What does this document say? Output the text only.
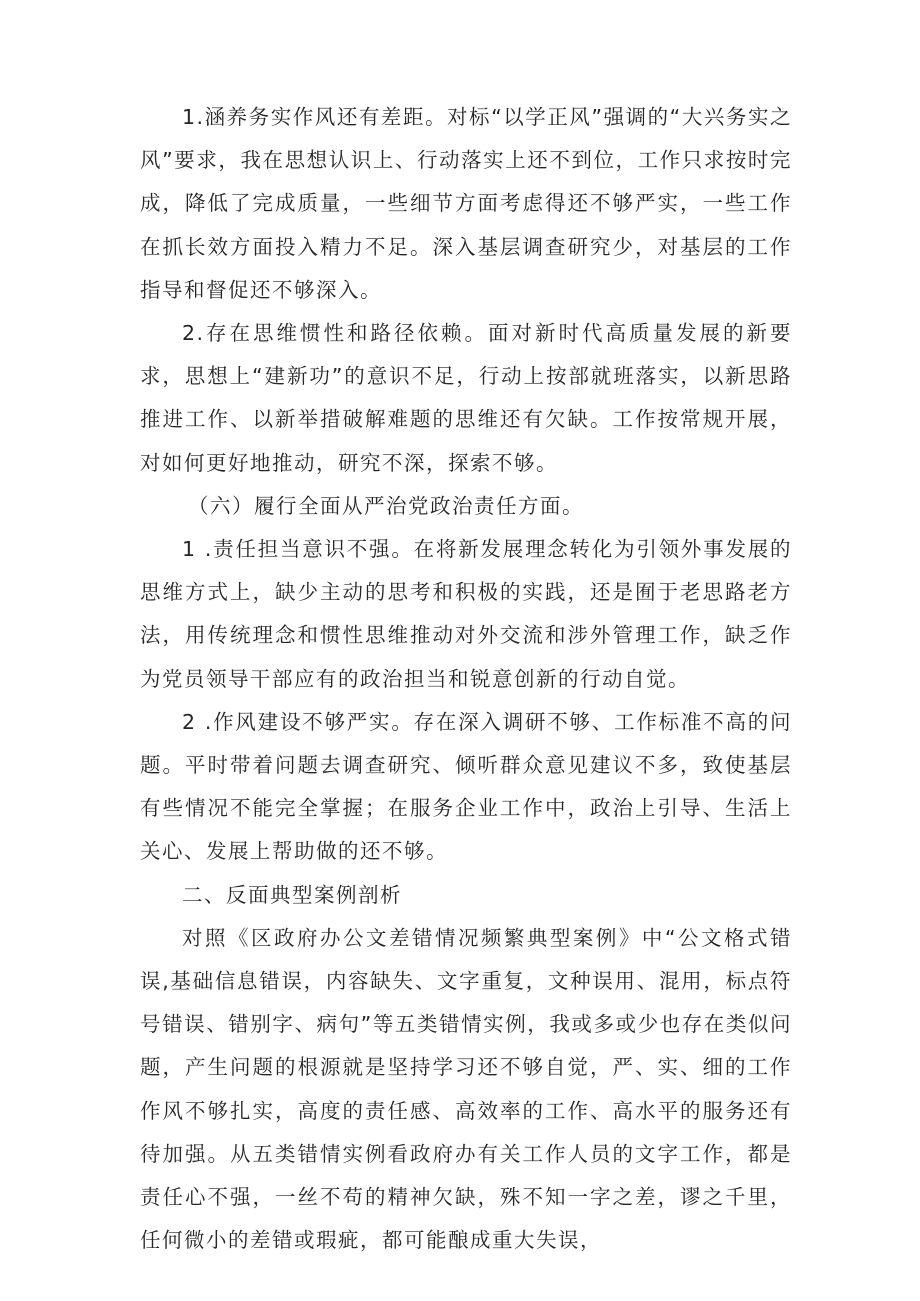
1.涵养务实作风还有差距。对标“以学正风”强调的“大兴务实之风”要求，我在思想认识上、行动落实上还不到位，工作只求按时完成，降低了完成质量，一些细节方面考虑得还不够严实，一些工作在抓长效方面投入精力不足。深入基层调查研究少，对基层的工作指导和督促还不够深入。

2.存在思维惯性和路径依赖。面对新时代高质量发展的新要求，思想上“建新功”的意识不足，行动上按部就班落实，以新思路推进工作、以新举措破解难题的思维还有欠缺。工作按常规开展，对如何更好地推动，研究不深，探索不够。

（六）履行全面从严治党政治责任方面。

1 .责任担当意识不强。在将新发展理念转化为引领外事发展的思维方式上，缺少主动的思考和积极的实践，还是囿于老思路老方法，用传统理念和惯性思维推动对外交流和涉外管理工作，缺乏作为党员领导干部应有的政治担当和锐意创新的行动自觉。

2 .作风建设不够严实。存在深入调研不够、工作标准不高的问题。平时带着问题去调查研究、倾听群众意见建议不多，致使基层有些情况不能完全掌握；在服务企业工作中，政治上引导、生活上关心、发展上帮助做的还不够。

二、反面典型案例剖析

对照《区政府办公文差错情况频繁典型案例》中“公文格式错误,基础信息错误，内容缺失、文字重复，文种误用、混用，标点符号错误、错别字、病句”等五类错情实例，我或多或少也存在类似问题，产生问题的根源就是坚持学习还不够自觉，严、实、细的工作作风不够扎实，高度的责任感、高效率的工作、高水平的服务还有待加强。从五类错情实例看政府办有关工作人员的文字工作，都是责任心不强，一丝不苟的精神欠缺，殊不知一字之差，谬之千里，任何微小的差错或瑕疵，都可能酿成重大失误，
